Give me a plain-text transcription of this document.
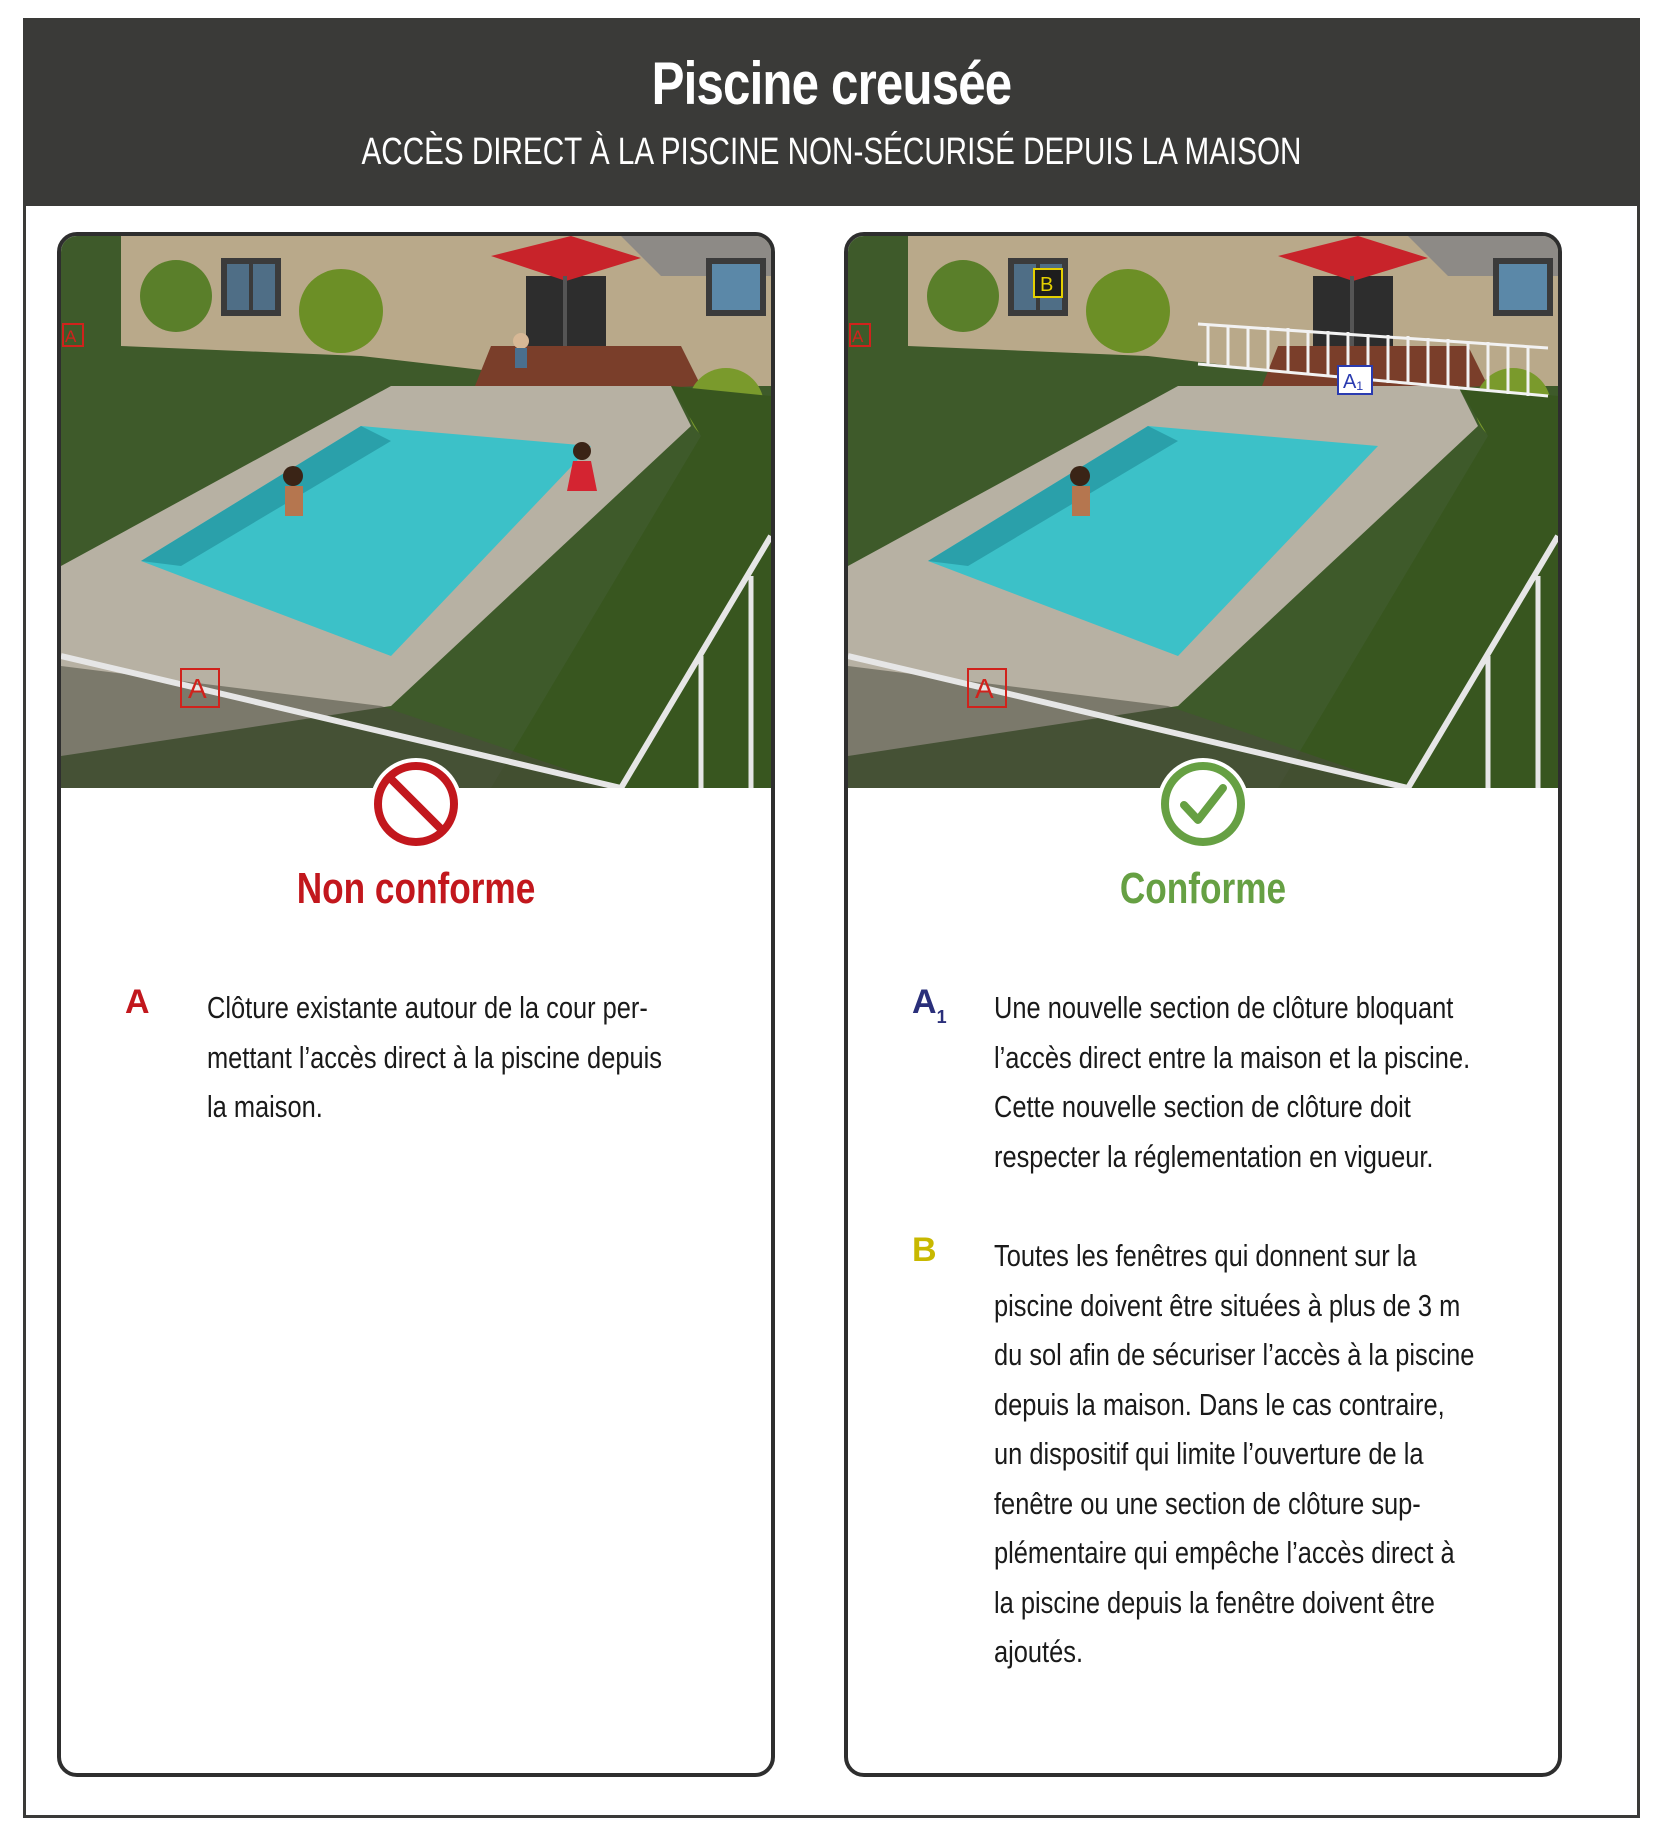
Piscine creusée
ACCÈS DIRECT À LA PISCINE NON-SÉCURISÉ DEPUIS LA MAISON
A
A
Non conforme
A Clôture existante autour de la cour per-
mettant l’accès direct à la piscine depuis
la maison.
A
A
A₁
B
Conforme
$A_1$ Une nouvelle section de clôture bloquant
l’accès direct entre la maison et la piscine.
Cette nouvelle section de clôture doit
respecter la réglementation en vigueur.
B Toutes les fenêtres qui donnent sur la
piscine doivent être situées à plus de 3 m
du sol afin de sécuriser l’accès à la piscine
depuis la maison. Dans le cas contraire,
un dispositif qui limite l’ouverture de la
fenêtre ou une section de clôture sup-
plémentaire qui empêche l’accès direct à
la piscine depuis la fenêtre doivent être
ajoutés.
